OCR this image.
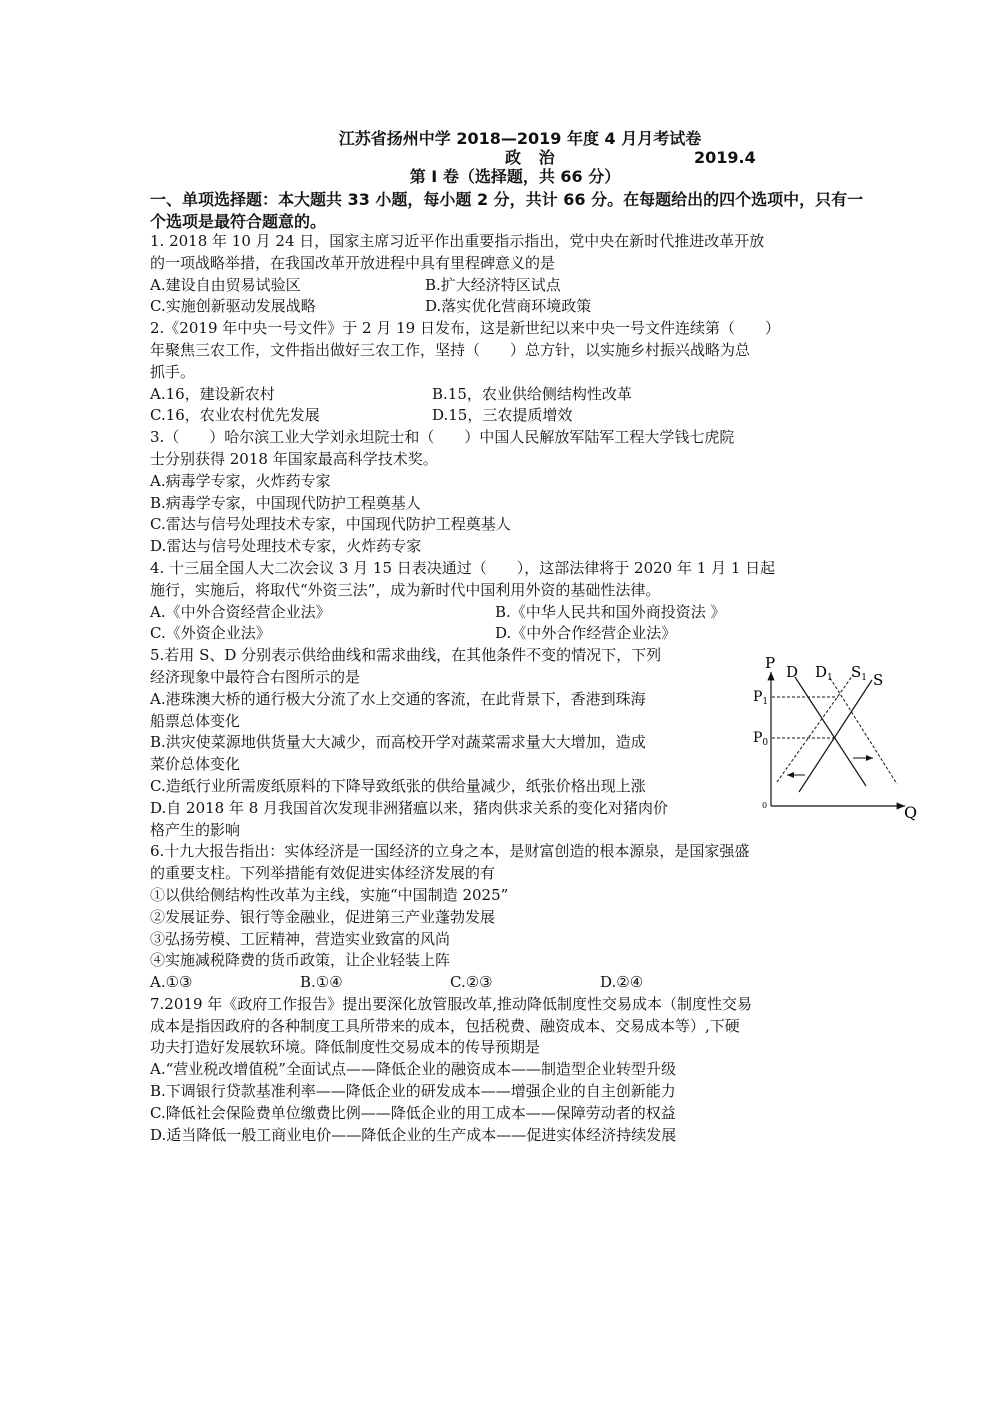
江苏省扬州中学 2018—2019 年度 4 月月考试卷
政 治	2019.4
第 I 卷（选择题，共 66 分）
一、单项选择题：本大题共 33 小题，每小题 2 分，共计 66 分。在每题给出的四个选项中，只有一个选项是最符合题意的。
1. 2018 年 10 月 24 日，国家主席习近平作出重要指示指出，党中央在新时代推进改革开放
的一项战略举措，在我国改革开放进程中具有里程碑意义的是
A.建设自由贸易试验区	B.扩大经济特区试点
C.实施创新驱动发展战略	D.落实优化营商环境政策
2.《2019 年中央一号文件》于 2 月 19 日发布，这是新世纪以来中央一号文件连续第（　　）
年聚焦三农工作，文件指出做好三农工作，坚持（　　）总方针，以实施乡村振兴战略为总
抓手。
A.16，建设新农村	B.15，农业供给侧结构性改革
C.16，农业农村优先发展	D.15，三农提质增效
3.（　　）哈尔滨工业大学刘永坦院士和（　　）中国人民解放军陆军工程大学钱七虎院
士分别获得 2018 年国家最高科学技术奖。
A.病毒学专家，火炸药专家
B.病毒学专家，中国现代防护工程奠基人
C.雷达与信号处理技术专家，中国现代防护工程奠基人
D.雷达与信号处理技术专家，火炸药专家
4. 十三届全国人大二次会议 3 月 15 日表决通过（　　），这部法律将于 2020 年 1 月 1 日起
施行，实施后，将取代“外资三法”，成为新时代中国利用外资的基础性法律。
A.《中外合资经营企业法》	B.《中华人民共和国外商投资法 》
C.《外资企业法》	D.《中外合作经营企业法》
5.若用 S、D 分别表示供给曲线和需求曲线，在其他条件不变的情况下，下列
经济现象中最符合右图所示的是
A.港珠澳大桥的通行极大分流了水上交通的客流，在此背景下，香港到珠海
船票总体变化
B.洪灾使菜源地供货量大大减少，而高校开学对蔬菜需求量大大增加，造成
菜价总体变化
C.造纸行业所需废纸原料的下降导致纸张的供给量减少，纸张价格出现上涨
D.自 2018 年 8 月我国首次发现非洲猪瘟以来，猪肉供求关系的变化对猪肉价
格产生的影响
6.十九大报告指出：实体经济是一国经济的立身之本，是财富创造的根本源泉，是国家强盛
的重要支柱。下列举措能有效促进实体经济发展的有
①以供给侧结构性改革为主线，实施“中国制造 2025”
②发展证券、银行等金融业，促进第三产业蓬勃发展
③弘扬劳模、工匠精神，营造实业致富的风尚
④实施减税降费的货币政策，让企业轻装上阵
A.①③	B.①④	C.②③	D.②④
7.2019 年《政府工作报告》提出要深化放管服改革,推动降低制度性交易成本（制度性交易
成本是指因政府的各种制度工具所带来的成本，包括税费、融资成本、交易成本等）,下硬
功夫打造好发展软环境。降低制度性交易成本的传导预期是
A.“营业税改增值税”全面试点——降低企业的融资成本——制造型企业转型升级
B.下调银行贷款基准利率——降低企业的研发成本——增强企业的自主创新能力
C.降低社会保险费单位缴费比例——降低企业的用工成本——保障劳动者的权益
D.适当降低一般工商业电价——降低企业的生产成本——促进实体经济持续发展
P
Q
0
$P_1$
$P_0$
D $D_1$ $S_1$ S
